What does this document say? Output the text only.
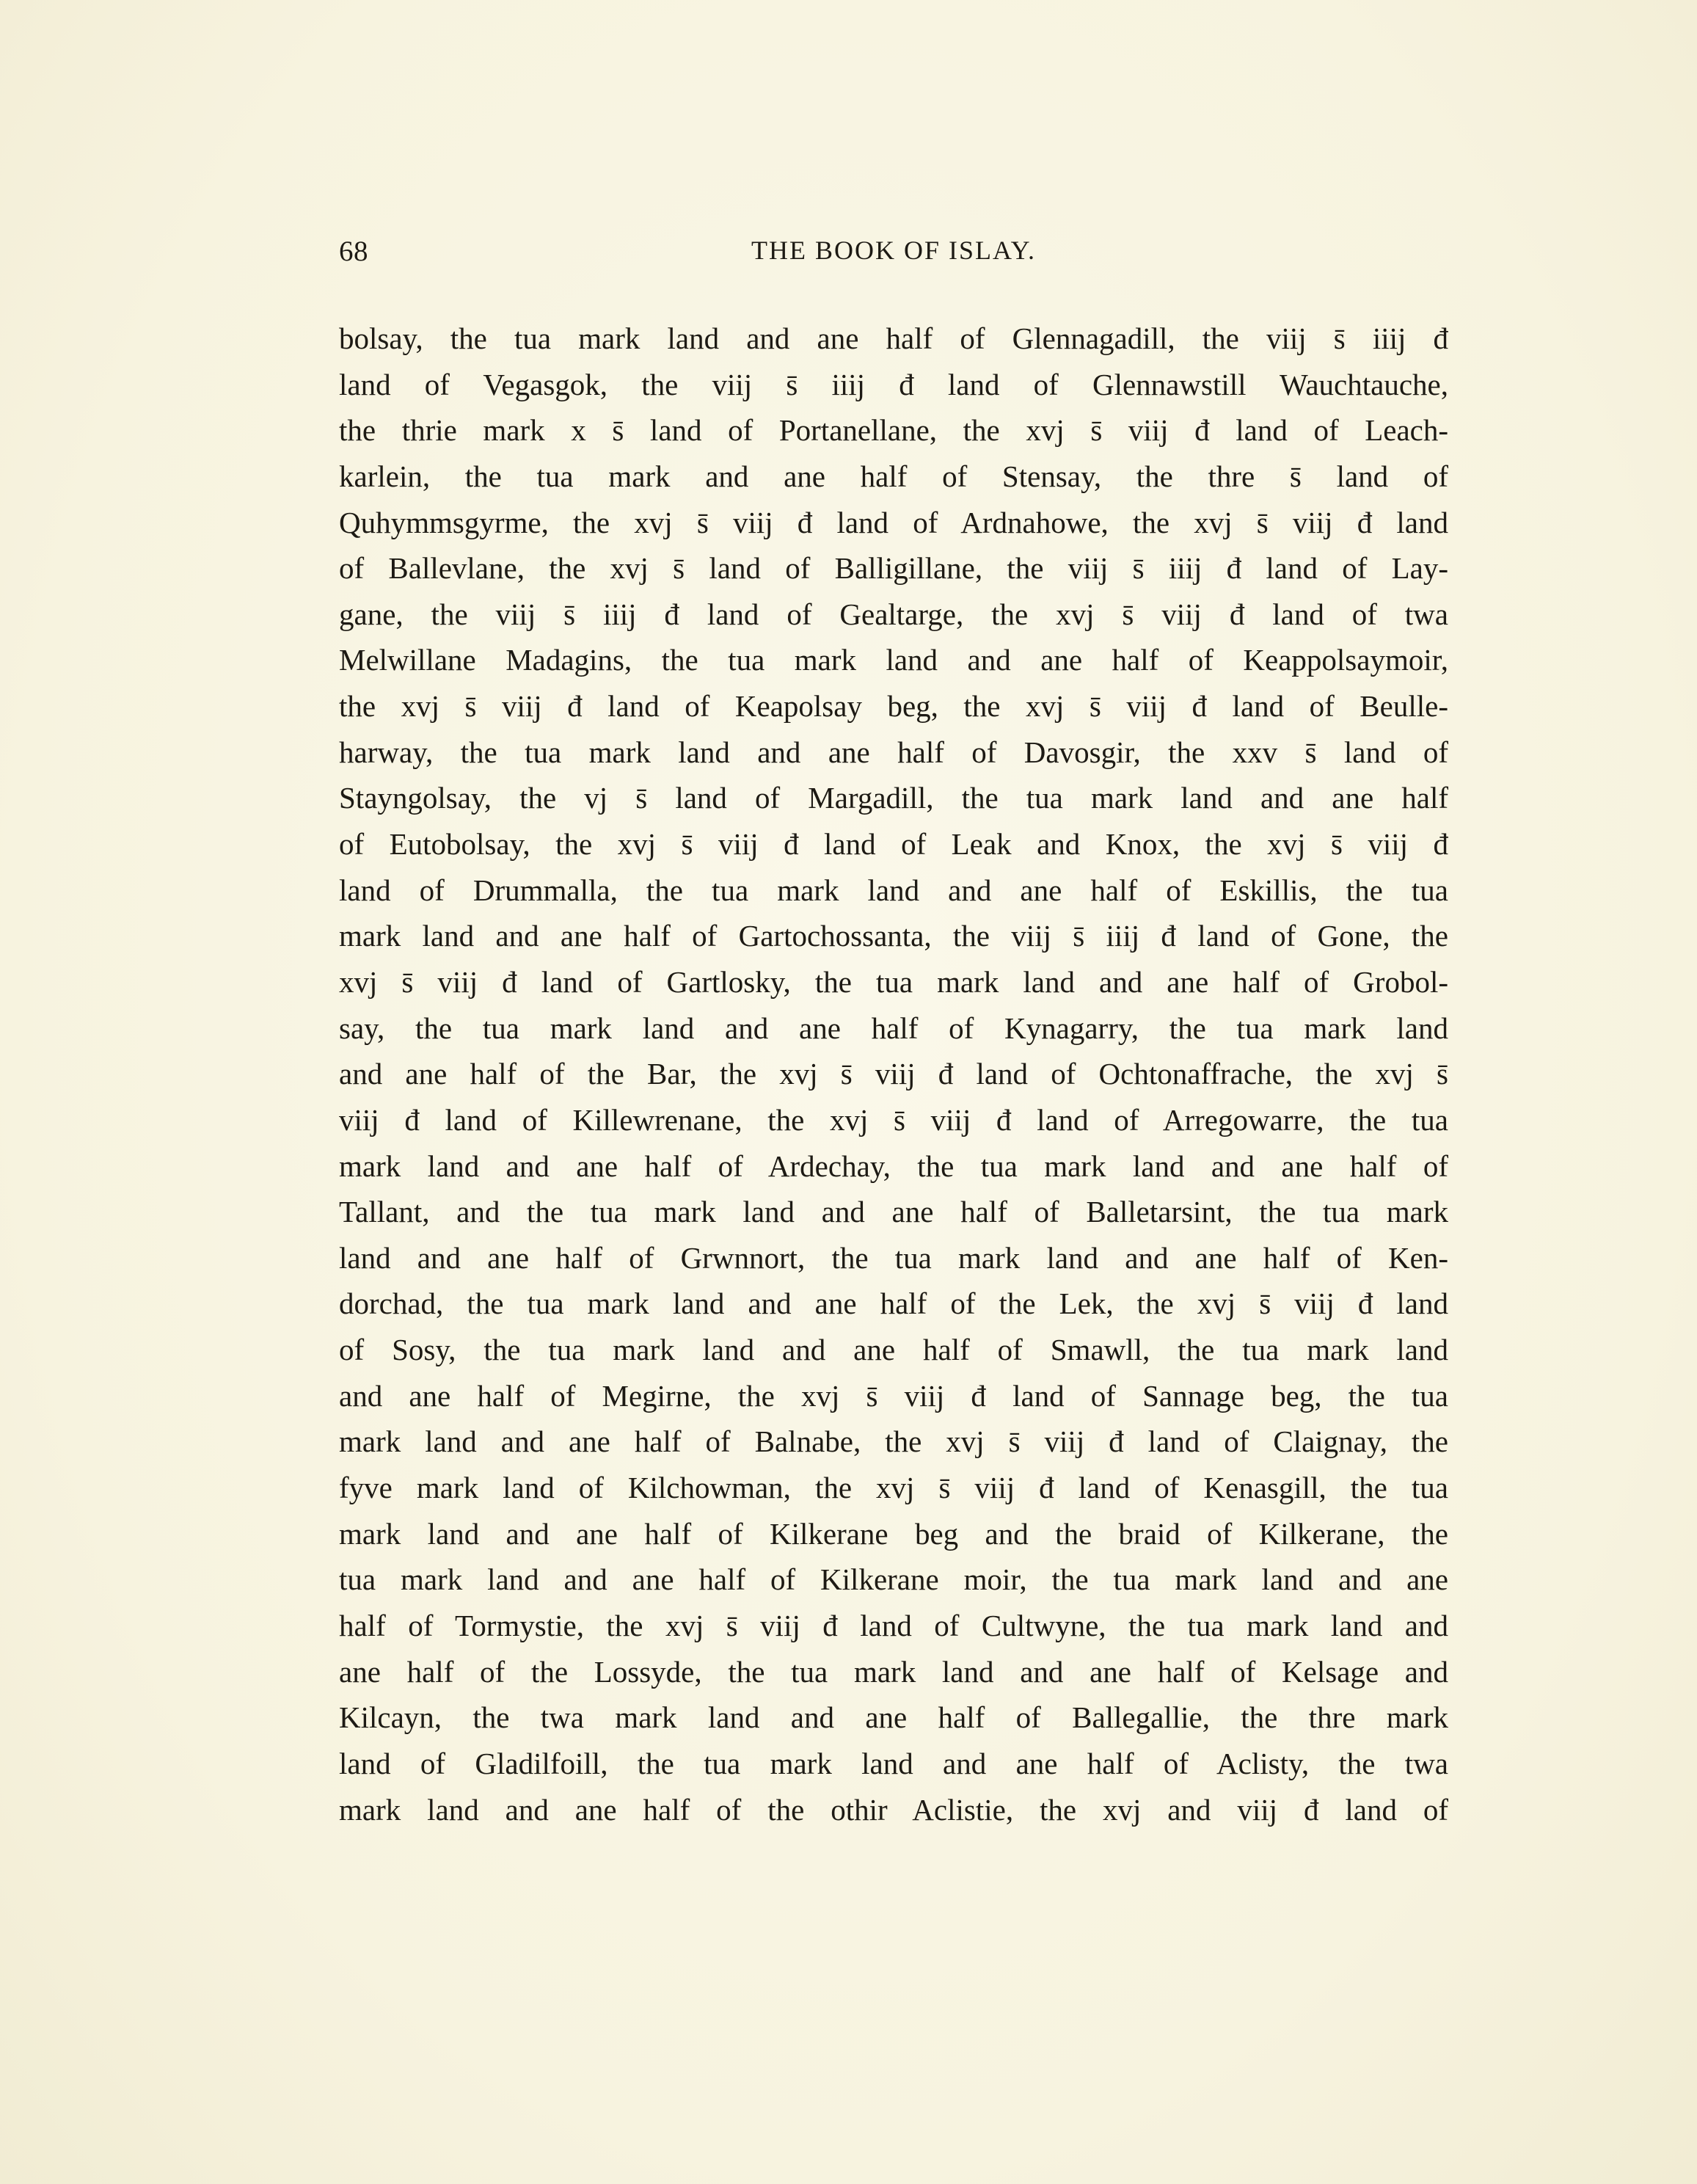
68	THE BOOK OF ISLAY.
bolsay, the tua mark land and ane half of Glennagadill, the viij s̄ iiij đ
land of Vegasgok, the viij s̄ iiij đ land of Glennawstill Wauchtauche,
the thrie mark x s̄ land of Portanellane, the xvj s̄ viij đ land of Leach-
karlein, the tua mark and ane half of Stensay, the thre s̄ land of
Quhymmsgyrme, the xvj s̄ viij đ land of Ardnahowe, the xvj s̄ viij đ land
of Ballevlane, the xvj s̄ land of Balligillane, the viij s̄ iiij đ land of Lay-
gane, the viij s̄ iiij đ land of Gealtarge, the xvj s̄ viij đ land of twa
Melwillane Madagins, the tua mark land and ane half of Keappolsaymoir,
the xvj s̄ viij đ land of Keapolsay beg, the xvj s̄ viij đ land of Beulle-
harway, the tua mark land and ane half of Davosgir, the xxv s̄ land of
Stayngolsay, the vj s̄ land of Margadill, the tua mark land and ane half
of Eutobolsay, the xvj s̄ viij đ land of Leak and Knox, the xvj s̄ viij đ
land of Drummalla, the tua mark land and ane half of Eskillis, the tua
mark land and ane half of Gartochossanta, the viij s̄ iiij đ land of Gone, the
xvj s̄ viij đ land of Gartlosky, the tua mark land and ane half of Grobol-
say, the tua mark land and ane half of Kynagarry, the tua mark land
and ane half of the Bar, the xvj s̄ viij đ land of Ochtonaffrache, the xvj s̄
viij đ land of Killewrenane, the xvj s̄ viij đ land of Arregowarre, the tua
mark land and ane half of Ardechay, the tua mark land and ane half of
Tallant, and the tua mark land and ane half of Balletarsint, the tua mark
land and ane half of Grwnnort, the tua mark land and ane half of Ken-
dorchad, the tua mark land and ane half of the Lek, the xvj s̄ viij đ land
of Sosy, the tua mark land and ane half of Smawll, the tua mark land
and ane half of Megirne, the xvj s̄ viij đ land of Sannage beg, the tua
mark land and ane half of Balnabe, the xvj s̄ viij đ land of Claignay, the
fyve mark land of Kilchowman, the xvj s̄ viij đ land of Kenasgill, the tua
mark land and ane half of Kilkerane beg and the braid of Kilkerane, the
tua mark land and ane half of Kilkerane moir, the tua mark land and ane
half of Tormystie, the xvj s̄ viij đ land of Cultwyne, the tua mark land and
ane half of the Lossyde, the tua mark land and ane half of Kelsage and
Kilcayn, the twa mark land and ane half of Ballegallie, the thre mark
land of Gladilfoill, the tua mark land and ane half of Aclisty, the twa
mark land and ane half of the othir Aclistie, the xvj and viij đ land of
